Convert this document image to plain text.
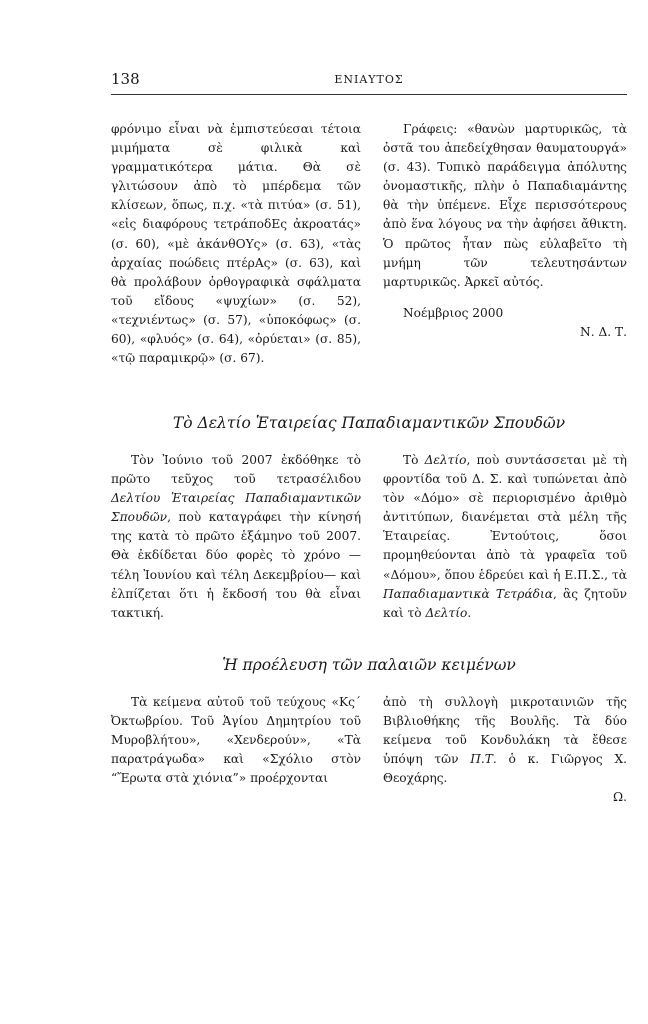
138	ΕΝΙΑΥΤΟΣ

φρόνιμο εἶναι νὰ ἐμπιστεύεσαι τέτοια μιμήματα σὲ φιλικὰ καὶ γραμματικότερα μάτια. Θὰ σὲ γλιτώσουν ἀπὸ τὸ μπέρδεμα τῶν κλίσεων, ὅπως, π.χ. «τὰ πιτύα» (σ. 51), «εἰς διαφόρους τετράποδΕς ἀκροατάς» (σ. 60), «μὲ ἀκάνθΟΥς» (σ. 63), «τὰς ἀρχαίας ποώδεις πτέρΑς» (σ. 63), καὶ θὰ προλάβουν ὀρθογραφικὰ σφάλματα τοῦ εἴδους «ψυχίων» (σ. 52), «τεχνιέντως» (σ. 57), «ὑποκόφως» (σ. 60), «φλυός» (σ. 64), «ὀρύεται» (σ. 85), «τῷ παραμικρῷ» (σ. 67).

Γράφεις: «θανὼν μαρτυρικῶς, τὰ ὀστᾶ του ἀπεδείχθησαν θαυματουργά» (σ. 43). Τυπικὸ παράδειγμα ἀπόλυτης ὀνομαστικῆς, πλὴν ὁ Παπαδιαμάντης θὰ τὴν ὑπέμενε. Εἶχε περισσότερους ἀπὸ ἕνα λόγους να τὴν ἀφήσει ἄθικτη. Ὁ πρῶτος ἦταν πὼς εὐλαβεῖτο τὴ μνήμη τῶν τελευτησάντων μαρτυρικῶς. Ἀρκεῖ αὐτός.

Νοέμβριος 2000

Ν. Δ. Τ.

Τὸ Δελτίο Ἑταιρείας Παπαδιαμαντικῶν Σπουδῶν

Τὸν Ἰούνιο τοῦ 2007 ἐκδόθηκε τὸ πρῶτο τεῦχος τοῦ τετρασέλιδου Δελτίου Ἑταιρείας Παπαδιαμαντικῶν Σπουδῶν, ποὺ καταγράφει τὴν κίνησή της κατὰ τὸ πρῶτο ἑξάμηνο τοῦ 2007. Θὰ ἐκδίδεται δύο φορὲς τὸ χρόνο —τέλη Ἰουνίου καὶ τέλη Δεκεμβρίου— καὶ ἐλπίζεται ὅτι ἡ ἔκδοσή του θὰ εἶναι τακτική.

Τὸ Δελτίο, ποὺ συντάσσεται μὲ τὴ φροντίδα τοῦ Δ. Σ. καὶ τυπώνεται ἀπὸ τὸν «Δόμο» σὲ περιορισμένο ἀριθμὸ ἀντιτύπων, διανέμεται στὰ μέλη τῆς Ἑταιρείας. Ἐντούτοις, ὅσοι προμηθεύονται ἀπὸ τὰ γραφεῖα τοῦ «Δόμου», ὅπου ἑδρεύει καὶ ἡ Ε.Π.Σ., τὰ Παπαδιαμαντικὰ Τετράδια, ἂς ζητοῦν καὶ τὸ Δελτίο.

Ἡ προέλευση τῶν παλαιῶν κειμένων

Τὰ κείμενα αὐτοῦ τοῦ τεύχους «Κς΄ Ὀκτωβρίου. Τοῦ Ἁγίου Δημητρίου τοῦ Μυροβλήτου», «Χενδερούν», «Τὰ παρατράγωδα» καὶ «Σχόλιο στὸν “Ἔρωτα στὰ χιόνια”» προέρχονται

ἀπὸ τὴ συλλογὴ μικροταινιῶν τῆς Βιβλιοθήκης τῆς Βουλῆς. Τὰ δύο κείμενα τοῦ Κονδυλάκη τὰ ἔθεσε ὑπόψη τῶν Π.Τ. ὁ κ. Γιῶργος Χ. Θεοχάρης.

Ω.
